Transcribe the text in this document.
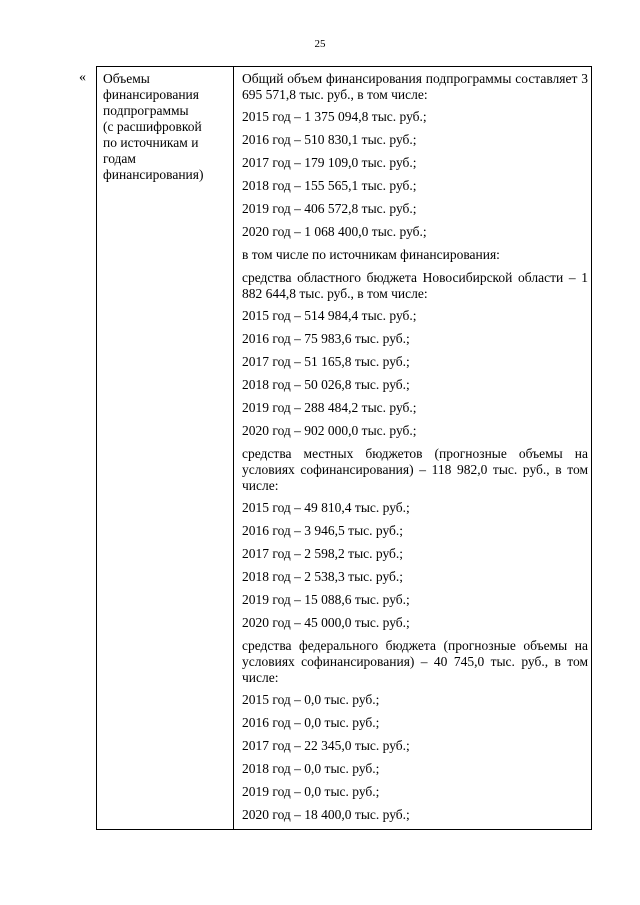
25
« Объемы
финансирования
подпрограммы
(с расшифровкой
по источникам и
годам
финансирования)
Общий объем финансирования подпрограммы составляет 3 695 571,8 тыс. руб., в том числе:
2015 год – 1 375 094,8 тыс. руб.;
2016 год – 510 830,1 тыс. руб.;
2017 год – 179 109,0 тыс. руб.;
2018 год – 155 565,1 тыс. руб.;
2019 год – 406 572,8 тыс. руб.;
2020 год – 1 068 400,0 тыс. руб.;
в том числе по источникам финансирования:
средства областного бюджета Новосибирской области – 1 882 644,8 тыс. руб., в том числе:
2015 год – 514 984,4 тыс. руб.;
2016 год – 75 983,6 тыс. руб.;
2017 год – 51 165,8 тыс. руб.;
2018 год – 50 026,8 тыс. руб.;
2019 год – 288 484,2 тыс. руб.;
2020 год – 902 000,0 тыс. руб.;
средства местных бюджетов (прогнозные объемы на условиях софинансирования) – 118 982,0 тыс. руб., в том числе:
2015 год – 49 810,4 тыс. руб.;
2016 год – 3 946,5 тыс. руб.;
2017 год – 2 598,2 тыс. руб.;
2018 год – 2 538,3 тыс. руб.;
2019 год – 15 088,6 тыс. руб.;
2020 год – 45 000,0 тыс. руб.;
средства федерального бюджета (прогнозные объемы на условиях софинансирования) – 40 745,0 тыс. руб., в том числе:
2015 год – 0,0 тыс. руб.;
2016 год – 0,0 тыс. руб.;
2017 год – 22 345,0 тыс. руб.;
2018 год – 0,0 тыс. руб.;
2019 год – 0,0 тыс. руб.;
2020 год – 18 400,0 тыс. руб.;
